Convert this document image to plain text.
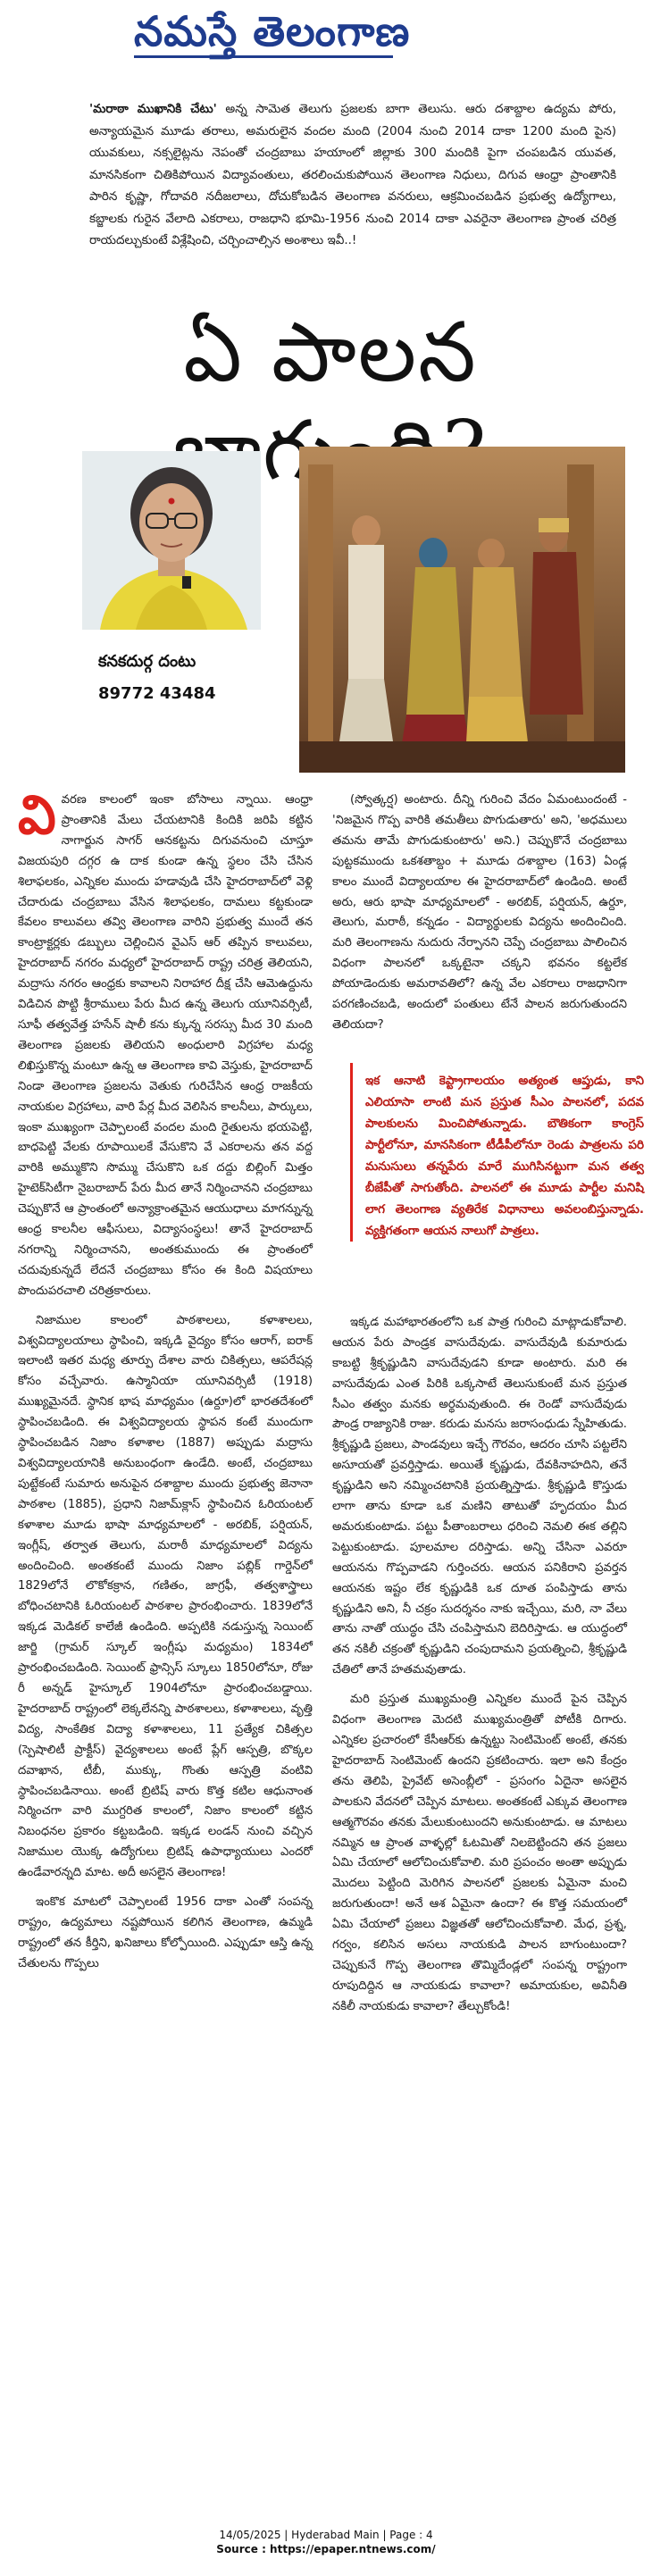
నమస్తే తెలంగాణ
'మరాఠా ముఖానికి చేటు' అన్న సామెత తెలుగు ప్రజలకు బాగా తెలుసు. ఆరు దశాబ్దాల ఉద్యమ పోరు, అన్యాయమైన మూడు తరాలు, అమరులైన వందల మంది (2004 నుంచి 2014 దాకా 1200 మంది పైన) యువకులు, నక్సలైట్లను నెపంతో చంద్రబాబు హయాంలో జిల్లాకు 300 మందికి పైగా చంపబడిన యువత, మానసికంగా చితికిపోయిన విద్యావంతులు, తరలించుకుపోయిన తెలంగాణ నిధులు, దిగువ ఆంధ్రా ప్రాంతానికి పారిన కృష్ణా, గోదావరి నదీజలాలు, దోచుకోబడిన తెలంగాణ వనరులు, ఆక్రమించబడిన ప్రభుత్వ ఉద్యోగాలు, కబ్జాలకు గురైన వేలాది ఎకరాలు, రాజధాని భూమి-1956 నుంచి 2014 దాకా ఎవరైనా తెలంగాణ ప్రాంత చరిత్ర రాయదల్చుకుంటే విశ్లేషించి, చర్చించాల్సిన అంశాలు ఇవీ..!
ఏ పాలన
కనకదుర్గ దంటు
89772 43484

వివరణ కాలంలో ఇంకా బోసాలు న్నాయి. ఆంధ్రా ప్రాంతానికి మేలు చేయటానికి కిందికి జరిపి కట్టిన నాగార్జున సాగర్ ఆనకట్టను దిగువనుంచి చూస్తూ విజయపురి దగ్గర ఉ దాక కుండా ఉన్న స్థలం చేసి చేసిన శిలాఫలకం, ఎన్నికల ముందు హడావుడి చేసి హైదరాబాద్‌లో వెళ్లి చేదారుడు చంద్రబాబు వేసిన శిలాఫలకం, దామలు కట్టకుండా కేవలం కాలువలు తవ్వి తెలంగాణ వారిని ప్రభుత్వ ముందే తన కాంట్రాక్టర్లకు డబ్బులు చెల్లించిన వైఎస్ ఆర్ తప్పిన కాలువలు, హైదరాబాద్ నగరం మధ్యలో హైదరాబాద్ రాష్ట్ర చరిత్ర తెలియని, మద్రాసు నగరం ఆంధ్రకు కావాలని నిరాహార దీక్ష చేసి ఆమెఉద్దును విడిచిన పొట్టి శ్రీరాములు పేరు మీద ఉన్న తెలుగు యూనివర్సిటీ, సూఫీ తత్వవేత్త హసేన్ షాలీ కను క్కున్న సరస్సు మీద 30 మంది తెలంగాణ ప్రజలకు తెలియని అంధులారి విగ్రహాల మధ్య లిఖిస్తుకొన్న మంటూ ఉన్న ఆ తెలంగాణ కావి వెస్తుకు, హైదరాబాద్ నిండా తెలంగాణ ప్రజలను వెతుకు గురిచేసిన ఆంధ్ర రాజకీయ నాయకుల విగ్రహాలు, వారి పేర్ల మీద వెలిసిన కాలనీలు, పార్కులు, ఇంకా ముఖ్యంగా చెప్పాలంటే వందల మంది రైతులను భయపెట్టి, బాధపెట్టి వేలకు రూపాయిలకే వేసుకొని వే ఎకరాలను తన వద్ద వారికి అమ్ముకొని సొమ్ము చేసుకొని ఒక దద్దు బిల్లింగ్ మిత్తం హైటెక్‌సిటీగా నైబరాబాద్ పేరు మీద తానే నిర్మించానని చంద్రబాబు చెప్పుకొనే ఆ ప్రాంతంలో అన్యాక్రాంతమైన ఆయుధాలు మాగన్నున్న ఆంధ్ర కాలనీల ఆఫీసులు, విద్యాసంస్థలు! తానే హైదరాబాద్ నగరాన్ని నిర్మించానని, అంతకుముందు ఈ ప్రాంతంలో చదువుకున్నదే లేదనే చంద్రబాబు కోసం ఈ కింది విషయాలు పొందుపరచాలి చరిత్రకారులు.

నిజాముల కాలంలో పాఠశాలలు, కళాశాలలు, విశ్వవిద్యాలయాలు స్థాపించి, ఇక్కడి వైద్యం కోసం ఆరాగ్, ఐరాక్ ఇలాంటి ఇతర మధ్య తూర్పు దేశాల వారు చికిత్సలు, ఆపరేషన్ల కోసం వచ్చేవారు. ఉస్మానియా యూనివర్సిటీ (1918) ముఖ్యమైనదే. స్థానిక భాష మాధ్యమం (ఉర్దూ)లో భారతదేశంలో స్థాపించబడింది. ఈ విశ్వవిద్యాలయ స్థాపన కంటే ముందుగా స్థాపించబడిన నిజాం కళాశాల (1887) అప్పుడు మద్రాసు విశ్వవిద్యాలయానికి అనుబంధంగా ఉండేది. అంటే, చంద్రబాబు పుట్టేకంటే సుమారు అనుపైన దశాబ్దాల ముందు ప్రభుత్వ జెనానా పాఠశాల (1885), ప్రధాని నిజామ్‌క్లాస్ స్థాపించిన ఓరియంటల్ కళాశాల మూడు భాషా మాధ్యమాలలో - అరబిక్, పర్షియన్, ఇంగ్లీష్, తర్వాత తెలుగు, మరాఠీ మాధ్యమాలలో విద్యను అందించింది. అంతకంటే ముందు నిజాం పబ్లిక్ గార్డెన్‌లో 1829లోనే లొకోకక్రాన, గణితం, జాగ్రఫీ, తత్వశాస్త్రాలు బోధించటానికి ఓరియంటల్ పాఠశాల ప్రారంభించారు. 1839లోనే ఇక్కడ మెడికల్ కాలేజీ ఉండింది. అప్పటికి నడుస్తున్న సెయింట్ జార్జి (గ్రామర్ స్కూల్ ఇంగ్లీషు మధ్యమం) 1834లో ప్రారంభించబడింది. సెయింట్ ఫ్రాన్సిస్ స్కూలు 1850లోనూ, రోజు రీ అన్నడ్ హైస్కూల్ 1904లోనూ ప్రారంభించబడ్డాయి. హైదరాబాద్ రాష్ట్రంలో లెక్కలేనన్ని పాఠశాలలు, కళాశాలలు, వృత్తి విద్య, సాంకేతిక విద్యా కళాశాలలు, 11 ప్రత్యేక చికిత్సల (స్పెషాలిటీ ప్రాక్టీస్) వైద్యశాలలు అంటే ప్లేగ్ ఆస్పత్రి, బొక్కల దవాఖాన, టీబీ, ముక్కు, గొంతు ఆస్పత్రి వంటివి స్థాపించబడినాయి. అంటే బ్రిటిష్ వారు కొత్త కటిల ఆధునాంత నిర్మించగా వారి ముగ్దరిత కాలంలో, నిజాం కాలంలో కట్టిన నిబంధనల ప్రకారం కట్టబడింది. ఇక్కడ లండన్ నుంచి వచ్చిన నిజాముల యొక్క ఉద్యోగులు బ్రిటిష్ ఉపాధ్యాయులు ఎందరో ఉండేవారన్నది మాట. అదీ అసలైన తెలంగాణ!

ఇంకొక మాటలో చెప్పాలంటే 1956 దాకా ఎంతో సంపన్న రాష్ట్రం, ఉద్యమాలు నష్టపోయిన కలిగిన తెలంగాణ, ఉమ్మడి రాష్ట్రంలో తన కీర్తిని, ఖనిజాలు కోల్పోయింది. ఎప్పుడూ ఆస్తి ఉన్న చేతులను గొప్పలు

(స్వోత్కర్ష) అంటారు. దీన్ని గురించి వేదం ఏమంటుందంటే - 'నిజమైన గొప్ప వారికి తమతీలు పొగుడుతారు' అని, 'అధములు తమను తామే పొగుడుకుంటారు' అని.) చెప్పుకొనే చంద్రబాబు పుట్టకముందు ఒకశతాబ్దం + మూడు దశాబ్దాల (163) ఏండ్ల కాలం ముందే విద్యాలయాల ఈ హైదరాబాద్‌లో ఉండింది. అంటే అరు, ఆరు భాషా మాధ్యమాలలో - అరబిక్, పర్షియన్, ఉర్దూ, తెలుగు, మరాఠీ, కన్నడం - విద్యార్థులకు విద్యను అందించింది. మరి తెలంగాణను నుదురు నేర్పానని చెప్పే చంద్రబాబు పాలించిన విధంగా పాలనలో ఒక్కటైనా చక్కని భవనం కట్టలేక పోయాడెందుకు అమరావతిలో? ఉన్న వేల ఎకరాలు రాజధానిగా పరగణించబడి, అందులో పంతులు టేనే పాలన జరుగుతుందని తెలియదా?

ఇక్కడ మహాభారతంలోని ఒక పాత్ర గురించి మాట్లాడుకోవాలి. ఆయన పేరు పాండ్రక వాసుదేవుడు. వాసుదేవుడి కుమారుడు కాబట్టి శ్రీకృష్ణుడిని వాసుదేవుడని కూడా అంటారు. మరి ఈ వాసుదేవుడు ఎంత పిరికి ఒక్కసాటే తెలుసుకుంటే మన ప్రస్తుత సీఎం తత్వం మనకు అర్థమవుతుంది. ఈ రెండో వాసుదేవుడు పౌండ్ర రాజ్యానికి రాజు. కరుడు మనసు జరాసంధుడు స్నేహితుడు. శ్రీకృష్ణుడి ప్రజలు, పాండవులు ఇచ్చే గౌరవం, ఆదరం చూసి పట్టలేని అసూయతో ప్రవర్తిస్తాడు. అయితే కృష్ణుడు, దేవకినాహదిని, తనే కృష్ణుడిని అని నమ్మించటానికి ప్రయత్నిస్తాడు. శ్రీకృష్ణుడి కొస్తుడు లాగా తాను కూడా ఒక మణిని తాటుతో హృదయం మీద అమరుకుంటాడు. పట్టు పీతాంబరాలు ధరించి నెమలి ఈక తల్లిని పెట్టుకుంటాడు. పూలమాల దరిస్తాడు. అన్ని చేసినా ఎవరూ ఆయనను గొప్పవాడని గుర్తించరు. ఆయన పనికిరాని ప్రవర్తన ఆయనకు ఇష్టం లేక కృష్ణుడికి ఒక దూత పంపిస్తాడు తాను కృష్ణుడిని అని, నీ చక్రం సుదర్శనం నాకు ఇచ్చేయి, మరి, నా వేలు తాను నాతో యుద్ధం చేసి చంపిస్తామని బెదిరిస్తాడు. ఆ యుద్ధంలో తన నకిలీ చక్రంతో కృష్ణుడిని చంపుదామని ప్రయత్నించి, శ్రీకృష్ణుడి చేతిలో తానే హతమవుతాడు.

మరి ప్రస్తుత ముఖ్యమంత్రి ఎన్నికల ముందే పైన చెప్పిన విధంగా తెలంగాణ మెదటి ముఖ్యమంత్రితో పోటీకి దిగారు. ఎన్నికల ప్రచారంలో కేసీఆర్‌కు ఉన్నట్టు సెంటిమెంట్ అంటే, తనకు హైదరాబాద్ సెంటిమెంట్ ఉందని ప్రకటించారు. ఇలా అని కేంద్రం తను తెలిపి, ప్రైవేట్ అసెంబ్లీలో - ప్రసంగం ఏదైనా అసలైన పాలకుని వేదనలో చెప్పిన మాటలు. అంతకంటే ఎక్కువ తెలంగాణ ఆత్మగౌరవం తనకు మేలుకుంటుందని అనుకుంటాడు. ఆ మాటలు నమ్మిన ఆ ప్రాంత వాళ్ళల్లో ఓటమితో నిలబెట్టిందని తన ప్రజలు ఏమి చేయాలో ఆలోచించుకోవాలి. మరి ప్రపంచం అంతా అప్పుడు మొదలు పెట్టింది మెరిగిన పాలనలో ప్రజలకు ఏమైనా మంచి జరుగుతుందా! అనే ఆశ ఏమైనా ఉందా? ఈ కొత్త సమయంలో ఏమి చేయాలో ప్రజలు విజ్ఞతతో ఆలోచించుకోవాలి. మేధ, ప్రశ్న, గర్వం, కలిసిన అసలు నాయకుడి పాలన బాగుంటుందా? చెప్పుకునే గొప్ప తెలంగాణ తొమ్మిదేండ్లలో సంపన్న రాష్ట్రంగా రూపుదిద్దిన ఆ నాయకుడు కావాలా? అమాయకుల, అవినీతి నకిలీ నాయకుడు కావాలా? తేల్చుకోండి!

ఇక ఆనాటి కెప్ట్రాగాలయం అత్యంత ఆప్తుడు, కాని ఎలియాసా లాంటి మన ప్రస్తుత సీఎం పాలనలో, పదవ పాలకులను మించిపోతున్నాడు. బౌతికంగా కాంగ్రెస్ పార్టీలోనూ, మానసికంగా టీడీపీలోనూ రెండు పాత్రలను పరి మనుసులు తన్నపేరు మారే ముగిసినట్టుగా మన తత్వ బీజేపీతో సాగుతోంది. పాలనలో ఈ మూడు పార్టీల మనిషి లాగ తెలంగాణ వ్యతిరేక విధానాలు అవలంబిస్తున్నాడు. వ్యక్తిగతంగా ఆయన నాలుగో పాత్రలు.
14/05/2025 | Hyderabad Main | Page : 4
Source : https://epaper.ntnews.com/
